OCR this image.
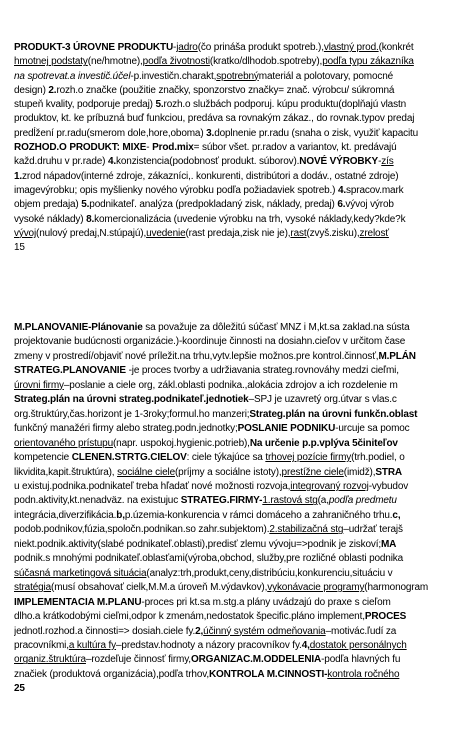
PRODUKT-3 ÚROVNE PRODUKTU-jadro(čo prináša produkt spotreb.),vlastný prod.(konkrét
hmotnej podstaty(ne/hmotne),podľa životnosti(kratko/dlhodob.spotreby),podľa typu zákazníka
na spotrevat.a investič.účel-p.investičn.charakt,spotrebnýmateriál a polotovary, pomocné
design) 2.rozh.o značke (použitie značky, sponzorstvo značky= znač. výrobcu/ súkromná
stupeň kvality, podporuje predaj) 5.rozh.o službách podporuj. kúpu produktu(doplňajú vlastn
produktov, kt. ke príbuzná buď funkciou, predáva sa rovnakým zákaz., do rovnak.typov predaj
predĺžení pr.radu(smerom dole,hore,oboma) 3.doplnenie pr.radu (snaha o zisk, využiť kapacitu
ROZHOD.O PRODUKT: MIXE- Prod.mix= súbor všet. pr.radov a variantov, kt. predávajú
každ.druhu v pr.rade) 4.konzistencia(podobnosť produkt. súborov).NOVÉ VÝROBKY-zís
1.zrod nápadov(interné zdroje, zákazníci,. konkurenti, distribútori a dodáv., ostatné zdroje)
imagevýrobku; opis myšlienky nového výrobku podľa požiadaviek spotreb.) 4.spracov.mark
objem predaja) 5.podnikateľ. analýza (predpokladaný zisk, náklady, predaj) 6.vývoj výrob
vysoké náklady) 8.komercionalizácia (uvedenie výrobku na trh, vysoké náklady,kedy?kde?k
vývoj(nulový predaj,N.stúpajú),uvedenie(rast predaja,zisk nie je),rast(zvyš.zisku),zrelosť
15
M.PLANOVANIE-Plánovanie sa považuje za dôležitú súčasť MNZ i M,kt.sa zaklad.na sústa
projektovanie budúcnosti organizácie.)-koordinuje činnosti na dosiahn.cieľov v určitom čase
zmeny v prostredí/objaviť nové príležit.na trhu,vytv.lepšie možnos.pre kontrol.činnosť,M.PLÁN
STRATEG.PLANOVANIE -je proces tvorby a udržiavania strateg.rovnováhy medzi cieľmi,
úrovni firmy–poslanie a ciele org, zákl.oblasti podnika.,alokácia zdrojov a ich rozdelenie m
Strateg.plán na úrovni strateg.podnikateľ.jednotiek–SPJ je uzavretý org.útvar s vlas.c
org.štruktúry,čas.horizont je 1-3roky;formul.ho manzeri;Strateg.plán na úrovni funkčn.oblast
funkčný manažéri firmy alebo strateg.podn.jednotky;POSLANIE PODNIKU-urcuje sa pomoc
orientovaného prístupu(napr. uspokoj.hygienic.potrieb),Na určenie p.p.vplýva 5činiteľov
kompetencie CLENEN.STRTG.CIELOV: ciele týkajúce sa trhovej pozície firmy(trh.podiel, o
likvidita,kapit.štruktúra), sociálne ciele(príjmy a sociálne istoty),prestížne ciele(imidž),STRA
u existuj.podnika.podnikateľ treba hľadať nové možnosti rozvoja,integrovaný rozvoj-vybudov
podn.aktivity,kt.nenadväz. na existujuc STRATEG.FIRMY-1.rastová stg(a,podľa predmetu
integrácia,diverzifikácia.b,p.územia-konkurencia v rámci domáceho a zahraničného trhu.c,
podob.podnikov,fúzia,spoločn.podnikan.so zahr.subjektom).2.stabilizačná stg–udržať terajš
niekt.podnik.aktivity(slabé podnikateľ.oblasti),predisť zlemu vývoju=>podnik je ziskoví;MA
podnik.s mnohými podnikateľ.oblasťami(výroba,obchod, služby,pre rozličné oblasti podnika
súčasná marketingová situácia(analyz:trh,produkt,ceny,distribúciu,konkurenciu,situáciu v
stratégia(musí obsahovať cielk,M.M.a úroveň M.výdavkov),vykonávacie programy(harmonogram
IMPLEMENTACIA M.PLANU-proces pri kt.sa m.stg.a plány uvádzajú do praxe s cieľom
dlho.a krátkodobými cieľmi,odpor k zmenám,nedostatok špecific.pláno implement,PROCES
jednotl.rozhod.a činnosti=> dosiah.ciele fy.2,účinný systém odmeňovania–motivác.ľudí za
pracovníkmi,a kultúra fy–predstav.hodnoty a názory pracovníkov fy.4,dostatok personálnych
organiz.štruktúra–rozdeľuje činnosť firmy,ORGANIZAC.M.ODDELENIA-podľa hlavných fu
značiek (produktová organizácia),podľa trhov,KONTROLA M.CINNOSTI-kontrola ročného
25
